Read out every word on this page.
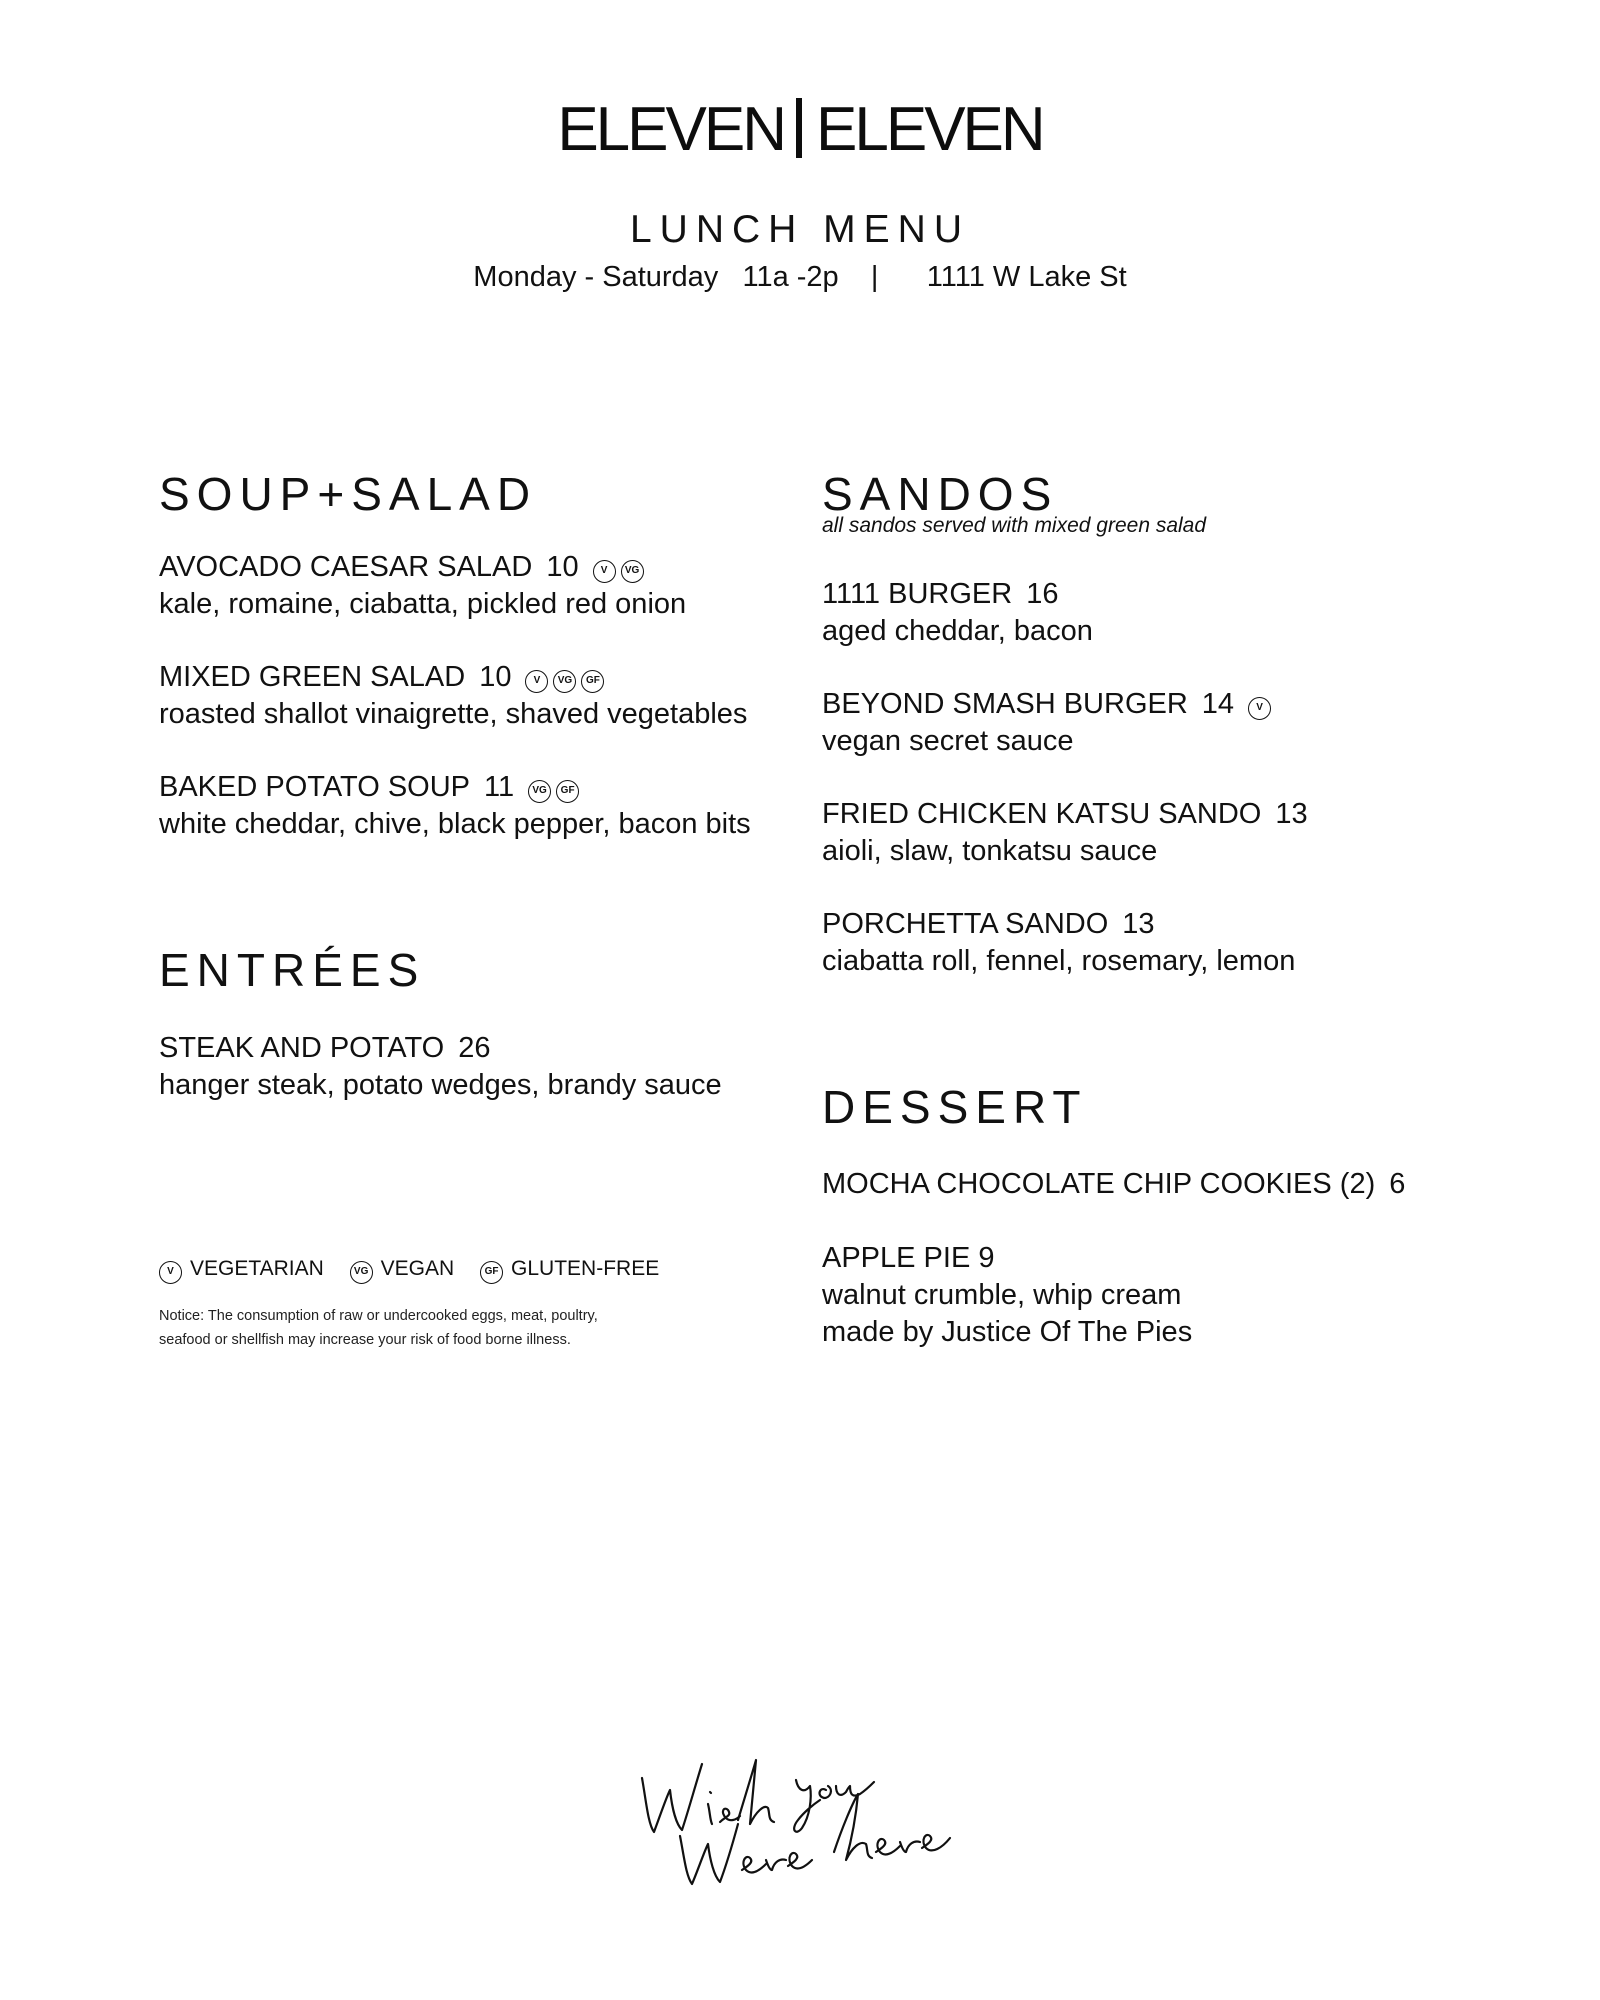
ELEVEN ELEVEN
LUNCH MENU
Monday - Saturday   11a -2p    |      1111 W Lake St
SOUP+SALAD
AVOCADO CAESAR SALAD 10 V VG
kale, romaine, ciabatta, pickled red onion
MIXED GREEN SALAD 10 V VG GF
roasted shallot vinaigrette, shaved vegetables
BAKED POTATO SOUP 11 VG GF
white cheddar, chive, black pepper, bacon bits
ENTRÉES
STEAK AND POTATO 26
hanger steak, potato wedges, brandy sauce
V VEGETARIAN	VG VEGAN	GF GLUTEN-FREE
Notice: The consumption of raw or undercooked eggs, meat, poultry,
seafood or shellfish may increase your risk of food borne illness.
SANDOS
all sandos served with mixed green salad
1111 BURGER 16
aged cheddar, bacon
BEYOND SMASH BURGER 14 V
vegan secret sauce
FRIED CHICKEN KATSU SANDO 13
aioli, slaw, tonkatsu sauce
PORCHETTA SANDO 13
ciabatta roll, fennel, rosemary, lemon
DESSERT
MOCHA CHOCOLATE CHIP COOKIES (2) 6
APPLE PIE 9
walnut crumble, whip cream
made by Justice Of The Pies
